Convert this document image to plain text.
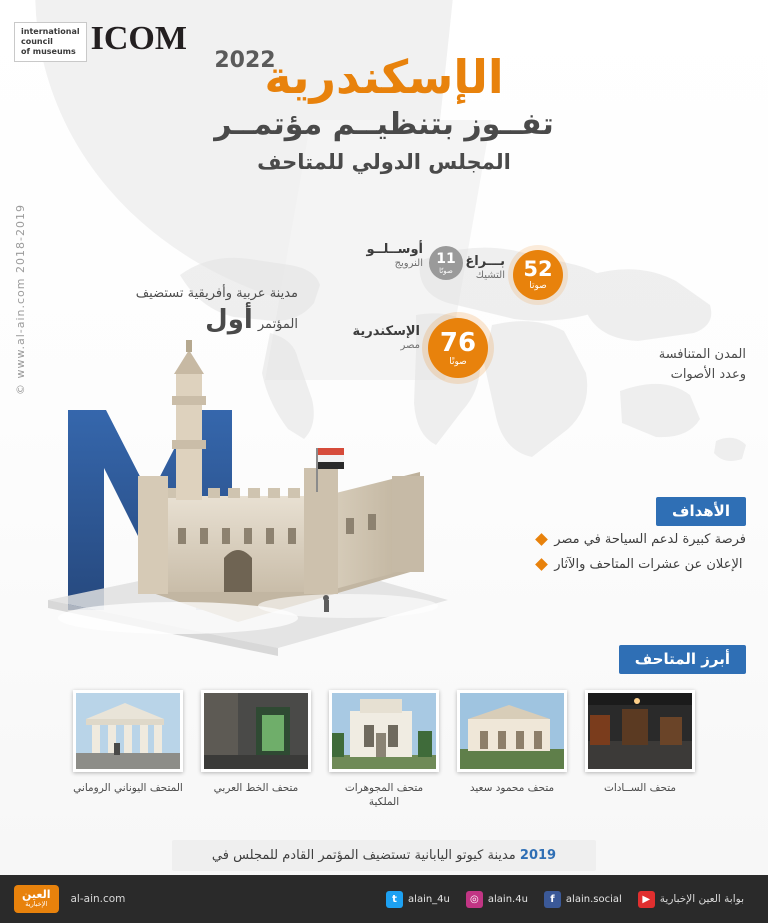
ICOM
international
council
of museums	الإسكندرية
2022
تفــوز بتنظيــم مؤتمــر
المجلس الدولي للمتاحف
مدينة عربية وأفريقية تستضيف المؤتمر أول
76
صوتًا
الإسكندرية
مصر
52
صوتا
بـــراغ
التشيك
11
صوتًا
أوســلــو
النرويج
المدن المتنافسة
وعدد الأصوات
© www.al-ain.com 2018-2019
الأهداف
فرصة كبيرة لدعم السياحة في مصر
الإعلان عن عشرات المتاحف والآثار
أبرز المتاحف
متحف الســادات
متحف محمود سعيد
متحف المجوهرات الملكية
متحف الخط العربي
المتحف اليوناني الروماني
2019 مدينة كيوتو اليابانية تستضيف المؤتمر القادم للمجلس في
t	alain_4u	◎ alain.4u	f	alain.social	▶ بوابة العين الإخبارية
al-ain.com
العين
الإخبارية
